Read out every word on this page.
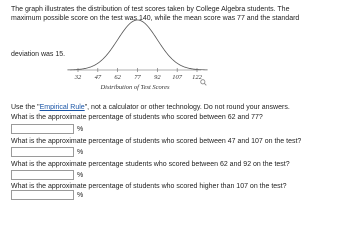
The graph illustrates the distribution of test scores taken by College Algebra students. The
maximum possible score on the test was 140, while the mean score was 77 and the standard
deviation was 15.
32 47 62 77 92 107 122
Distribution of Test Scores
Use the "Empirical Rule", not a calculator or other technology. Do not round your answers.
What is the approximate percentage of students who scored between 62 and 77?
%
What is the approximate percentage of students who scored between 47 and 107 on the test?
%
What is the approximate percentage students who scored between 62 and 92 on the test?
%
What is the approximate percentage of students who scored higher than 107 on the test?
%
